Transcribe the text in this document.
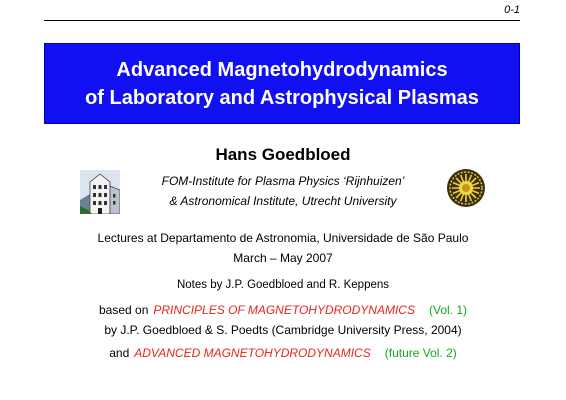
0-1
Advanced Magnetohydrodynamics
of Laboratory and Astrophysical Plasmas
Hans Goedbloed
FOM-Institute for Plasma Physics ‘Rijnhuizen’
& Astronomical Institute, Utrecht University
Lectures at Departamento de Astronomia, Universidade de São Paulo
March – May 2007
Notes by J.P. Goedbloed and R. Keppens
based on PRINCIPLES OF MAGNETOHYDRODYNAMICS (Vol. 1)
by J.P. Goedbloed & S. Poedts (Cambridge University Press, 2004)
and ADVANCED MAGNETOHYDRODYNAMICS (future Vol. 2)
